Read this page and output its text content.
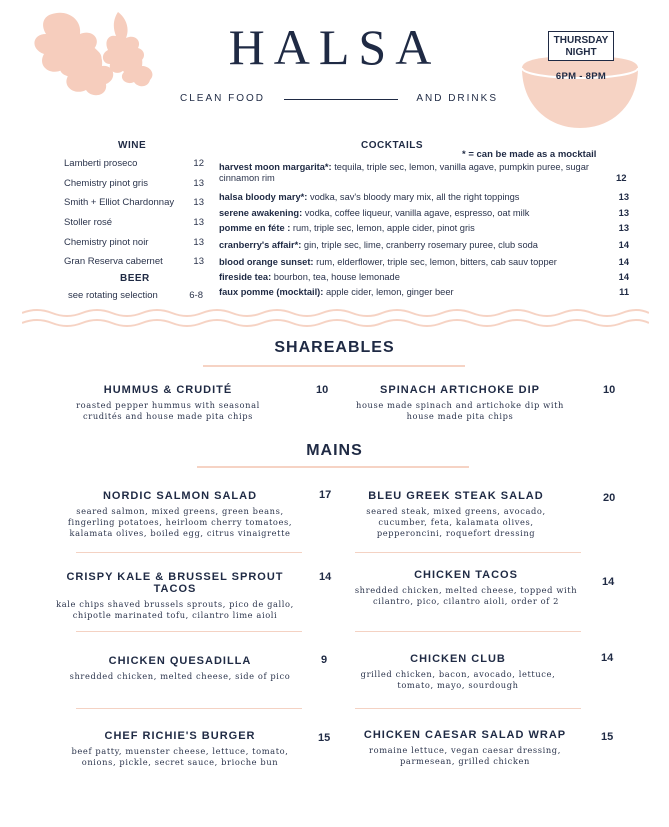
THURSDAY
NIGHT
6PM - 8PM
HALSA
CLEAN FOOD	AND DRINKS
WINE
Lamberti proseco	12
Chemistry pinot gris	13
Smith + Elliot Chardonnay 13
Stoller rosé	13
Chemistry pinot noir	13
Gran Reserva cabernet	13
BEER
see rotating selection	6-8
COCKTAILS
* = can be made as a mocktail
harvest moon margarita*: tequila, triple sec, lemon, vanilla agave, pumpkin puree, sugar cinnamon rim	12
halsa bloody mary*: vodka, sav's bloody mary mix, all the right toppings	13
serene awakening: vodka, coffee liqueur, vanilla agave, espresso, oat milk	13
pomme en féte : rum, triple sec, lemon, apple cider, pinot gris	13
cranberry's affair*: gin, triple sec, lime, cranberry rosemary puree, club soda	14
blood orange sunset: rum, elderflower, triple sec, lemon, bitters, cab sauv topper	14
fireside tea: bourbon, tea, house lemonade	14
faux pomme (mocktail): apple cider, lemon, ginger beer	11
SHAREABLES
HUMMUS & CRUDITÉ
roasted pepper hummus with seasonal crudités and house made pita chips
10	SPINACH ARTICHOKE DIP
house made spinach and artichoke dip with house made pita chips
10
MAINS
NORDIC SALMON SALAD
seared salmon, mixed greens, green beans, fingerling potatoes, heirloom cherry tomatoes, kalamata olives, boiled egg, citrus vinaigrette
17	BLEU GREEK STEAK SALAD
seared steak, mixed greens, avocado, cucumber, feta, kalamata olives, pepperoncini, roquefort dressing
20
CRISPY KALE & BRUSSEL SPROUT TACOS
kale chips shaved brussels sprouts, pico de gallo, chipotle marinated tofu, cilantro lime aioli
14	CHICKEN TACOS
shredded chicken, melted cheese, topped with cilantro, pico, cilantro aioli, order of 2
14
CHICKEN QUESADILLA
shredded chicken, melted cheese, side of pico
9	CHICKEN CLUB
grilled chicken, bacon, avocado, lettuce, tomato, mayo, sourdough
14
CHEF RICHIE'S BURGER
beef patty, muenster cheese, lettuce, tomato, onions, pickle, secret sauce, brioche bun
15	CHICKEN CAESAR SALAD WRAP
romaine lettuce, vegan caesar dressing, parmesean, grilled chicken
15
